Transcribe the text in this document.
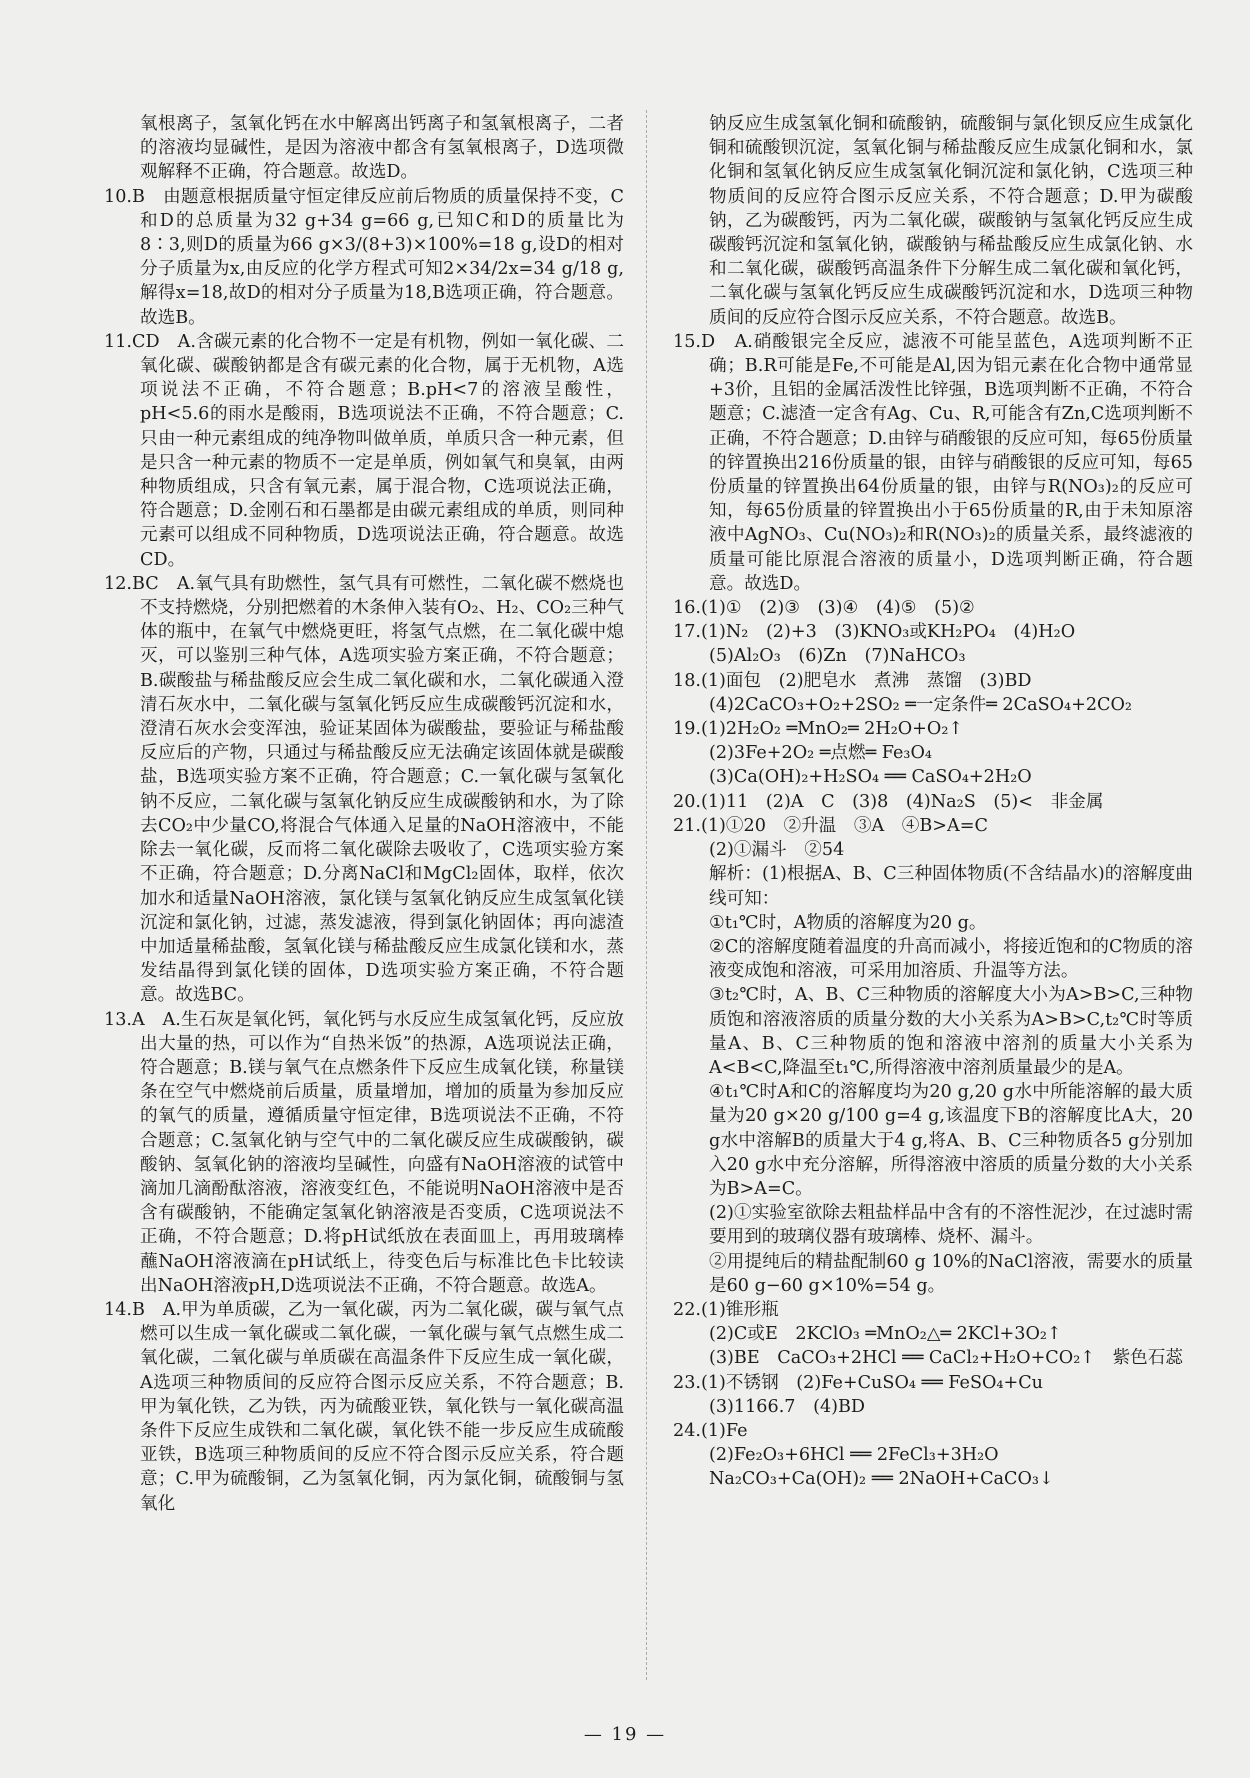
氧根离子，氢氧化钙在水中解离出钙离子和氢氧根离子，二者的溶液均显碱性，是因为溶液中都含有氢氧根离子，D选项微观解释不正确，符合题意。故选D。

10.B　由题意根据质量守恒定律反应前后物质的质量保持不变，C和D的总质量为32 g+34 g=66 g,已知C和D的质量比为8∶3,则D的质量为66 g×3/(8+3)×100%=18 g,设D的相对分子质量为x,由反应的化学方程式可知2×34/2x=34 g/18 g,解得x=18,故D的相对分子质量为18,B选项正确，符合题意。故选B。

11.CD　A.含碳元素的化合物不一定是有机物，例如一氧化碳、二氧化碳、碳酸钠都是含有碳元素的化合物，属于无机物，A选项说法不正确，不符合题意；B.pH<7的溶液呈酸性，pH<5.6的雨水是酸雨，B选项说法不正确，不符合题意；C.只由一种元素组成的纯净物叫做单质，单质只含一种元素，但是只含一种元素的物质不一定是单质，例如氧气和臭氧，由两种物质组成，只含有氧元素，属于混合物，C选项说法正确，符合题意；D.金刚石和石墨都是由碳元素组成的单质，则同种元素可以组成不同种物质，D选项说法正确，符合题意。故选CD。

12.BC　A.氧气具有助燃性，氢气具有可燃性，二氧化碳不燃烧也不支持燃烧，分别把燃着的木条伸入装有O₂、H₂、CO₂三种气体的瓶中，在氧气中燃烧更旺，将氢气点燃，在二氧化碳中熄灭，可以鉴别三种气体，A选项实验方案正确，不符合题意；B.碳酸盐与稀盐酸反应会生成二氧化碳和水，二氧化碳通入澄清石灰水中，二氧化碳与氢氧化钙反应生成碳酸钙沉淀和水，澄清石灰水会变浑浊，验证某固体为碳酸盐，要验证与稀盐酸反应后的产物，只通过与稀盐酸反应无法确定该固体就是碳酸盐，B选项实验方案不正确，符合题意；C.一氧化碳与氢氧化钠不反应，二氧化碳与氢氧化钠反应生成碳酸钠和水，为了除去CO₂中少量CO,将混合气体通入足量的NaOH溶液中，不能除去一氧化碳，反而将二氧化碳除去吸收了，C选项实验方案不正确，符合题意；D.分离NaCl和MgCl₂固体，取样，依次加水和适量NaOH溶液，氯化镁与氢氧化钠反应生成氢氧化镁沉淀和氯化钠，过滤，蒸发滤液，得到氯化钠固体；再向滤渣中加适量稀盐酸，氢氧化镁与稀盐酸反应生成氯化镁和水，蒸发结晶得到氯化镁的固体，D选项实验方案正确，不符合题意。故选BC。

13.A　A.生石灰是氧化钙，氧化钙与水反应生成氢氧化钙，反应放出大量的热，可以作为“自热米饭”的热源，A选项说法正确，符合题意；B.镁与氧气在点燃条件下反应生成氧化镁，称量镁条在空气中燃烧前后质量，质量增加，增加的质量为参加反应的氧气的质量，遵循质量守恒定律，B选项说法不正确，不符合题意；C.氢氧化钠与空气中的二氧化碳反应生成碳酸钠，碳酸钠、氢氧化钠的溶液均呈碱性，向盛有NaOH溶液的试管中滴加几滴酚酞溶液，溶液变红色，不能说明NaOH溶液中是否含有碳酸钠，不能确定氢氧化钠溶液是否变质，C选项说法不正确，不符合题意；D.将pH试纸放在表面皿上，再用玻璃棒蘸NaOH溶液滴在pH试纸上，待变色后与标准比色卡比较读出NaOH溶液pH,D选项说法不正确，不符合题意。故选A。

14.B　A.甲为单质碳，乙为一氧化碳，丙为二氧化碳，碳与氧气点燃可以生成一氧化碳或二氧化碳，一氧化碳与氧气点燃生成二氧化碳，二氧化碳与单质碳在高温条件下反应生成一氧化碳，A选项三种物质间的反应符合图示反应关系，不符合题意；B.甲为氧化铁，乙为铁，丙为硫酸亚铁，氧化铁与一氧化碳高温条件下反应生成铁和二氧化碳，氧化铁不能一步反应生成硫酸亚铁，B选项三种物质间的反应不符合图示反应关系，符合题意；C.甲为硫酸铜，乙为氢氧化铜，丙为氯化铜，硫酸铜与氢氧化

钠反应生成氢氧化铜和硫酸钠，硫酸铜与氯化钡反应生成氯化铜和硫酸钡沉淀，氢氧化铜与稀盐酸反应生成氯化铜和水，氯化铜和氢氧化钠反应生成氢氧化铜沉淀和氯化钠，C选项三种物质间的反应符合图示反应关系，不符合题意；D.甲为碳酸钠，乙为碳酸钙，丙为二氧化碳，碳酸钠与氢氧化钙反应生成碳酸钙沉淀和氢氧化钠，碳酸钠与稀盐酸反应生成氯化钠、水和二氧化碳，碳酸钙高温条件下分解生成二氧化碳和氧化钙，二氧化碳与氢氧化钙反应生成碳酸钙沉淀和水，D选项三种物质间的反应符合图示反应关系，不符合题意。故选B。

15.D　A.硝酸银完全反应，滤液不可能呈蓝色，A选项判断不正确；B.R可能是Fe,不可能是Al,因为铝元素在化合物中通常显+3价，且铝的金属活泼性比锌强，B选项判断不正确，不符合题意；C.滤渣一定含有Ag、Cu、R,可能含有Zn,C选项判断不正确，不符合题意；D.由锌与硝酸银的反应可知，每65份质量的锌置换出216份质量的银，由锌与硝酸银的反应可知，每65份质量的锌置换出64份质量的银，由锌与R(NO₃)₂的反应可知，每65份质量的锌置换出小于65份质量的R,由于未知原溶液中AgNO₃、Cu(NO₃)₂和R(NO₃)₂的质量关系，最终滤液的质量可能比原混合溶液的质量小，D选项判断正确，符合题意。故选D。

16.(1)①　(2)③　(3)④　(4)⑤　(5)②

17.(1)N₂　(2)+3　(3)KNO₃或KH₂PO₄　(4)H₂O

(5)Al₂O₃　(6)Zn　(7)NaHCO₃

18.(1)面包　(2)肥皂水　煮沸　蒸馏　(3)BD

(4)2CaCO₃+O₂+2SO₂ ═一定条件═ 2CaSO₄+2CO₂

19.(1)2H₂O₂ ═MnO₂═ 2H₂O+O₂↑

(2)3Fe+2O₂ ═点燃═ Fe₃O₄

(3)Ca(OH)₂+H₂SO₄ ══ CaSO₄+2H₂O

20.(1)11　(2)A　C　(3)8　(4)Na₂S　(5)<　非金属

21.(1)①20　②升温　③A　④B>A=C

(2)①漏斗　②54

解析：(1)根据A、B、C三种固体物质(不含结晶水)的溶解度曲线可知：

①t₁℃时，A物质的溶解度为20 g。

②C的溶解度随着温度的升高而减小，将接近饱和的C物质的溶液变成饱和溶液，可采用加溶质、升温等方法。

③t₂℃时，A、B、C三种物质的溶解度大小为A>B>C,三种物质饱和溶液溶质的质量分数的大小关系为A>B>C,t₂℃时等质量A、B、C三种物质的饱和溶液中溶剂的质量大小关系为A<B<C,降温至t₁℃,所得溶液中溶剂质量最少的是A。

④t₁℃时A和C的溶解度均为20 g,20 g水中所能溶解的最大质量为20 g×20 g/100 g=4 g,该温度下B的溶解度比A大，20 g水中溶解B的质量大于4 g,将A、B、C三种物质各5 g分别加入20 g水中充分溶解，所得溶液中溶质的质量分数的大小关系为B>A=C。

(2)①实验室欲除去粗盐样品中含有的不溶性泥沙，在过滤时需要用到的玻璃仪器有玻璃棒、烧杯、漏斗。

②用提纯后的精盐配制60 g 10%的NaCl溶液，需要水的质量是60 g−60 g×10%=54 g。

22.(1)锥形瓶

(2)C或E　2KClO₃ ═MnO₂△═ 2KCl+3O₂↑

(3)BE　CaCO₃+2HCl ══ CaCl₂+H₂O+CO₂↑　紫色石蕊

23.(1)不锈钢　(2)Fe+CuSO₄ ══ FeSO₄+Cu

(3)1166.7　(4)BD

24.(1)Fe

(2)Fe₂O₃+6HCl ══ 2FeCl₃+3H₂O

Na₂CO₃+Ca(OH)₂ ══ 2NaOH+CaCO₃↓

— 19 —
